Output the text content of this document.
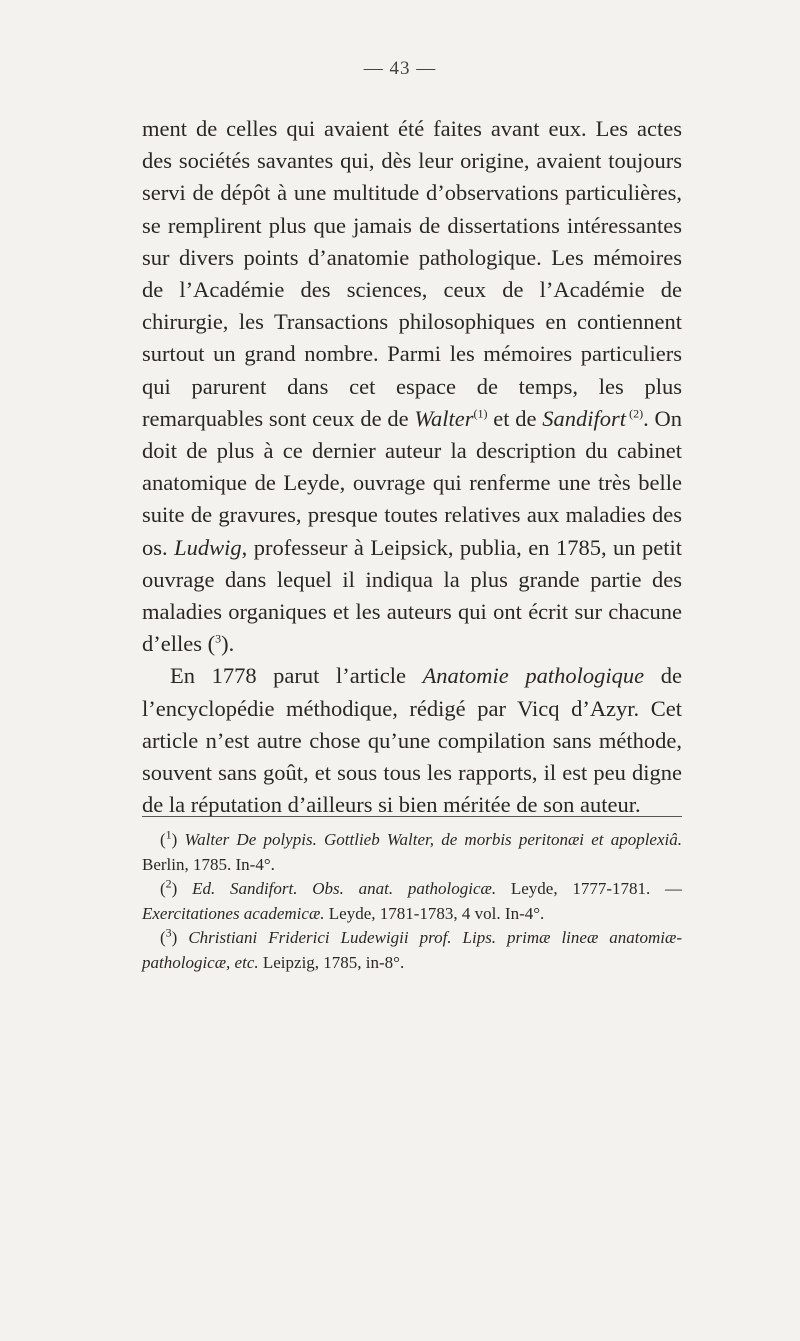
— 43 —

ment de celles qui avaient été faites avant eux. Les actes des sociétés savantes qui, dès leur origine, avaient toujours servi de dépôt à une multitude d’observations particulières, se remplirent plus que jamais de dissertations intéressantes sur divers points d’anatomie pathologique. Les mémoires de l’Académie des sciences, ceux de l’Académie de chirurgie, les Transactions philosophiques en contiennent surtout un grand nombre. Parmi les mémoires particuliers qui parurent dans cet espace de temps, les plus remarquables sont ceux de de Walter$^{(1)}$ et de Sandifort $^{(2)}$. On doit de plus à ce dernier auteur la description du cabinet anatomique de Leyde, ouvrage qui renferme une très belle suite de gravures, presque toutes relatives aux maladies des os. Ludwig, professeur à Leipsick, publia, en 1785, un petit ouvrage dans lequel il indiqua la plus grande partie des maladies organiques et les auteurs qui ont écrit sur chacune d’elles ($^3$).

En 1778 parut l’article Anatomie pathologique de l’encyclopédie méthodique, rédigé par Vicq d’Azyr. Cet article n’est autre chose qu’une compilation sans méthode, souvent sans goût, et sous tous les rapports, il est peu digne de la réputation d’ailleurs si bien méritée de son auteur.

($^1$) Walter De polypis. Gottlieb Walter, de morbis peritonæi et apoplexiâ. Berlin, 1785. In-4°.

($^2$) Ed. Sandifort. Obs. anat. pathologicæ. Leyde, 1777-1781. — Exercitationes academicæ. Leyde, 1781-1783, 4 vol. In-4°.

($^3$) Christiani Friderici Ludewigii prof. Lips. primæ lineæ anatomiæ-pathologicæ, etc. Leipzig, 1785, in-8°.
